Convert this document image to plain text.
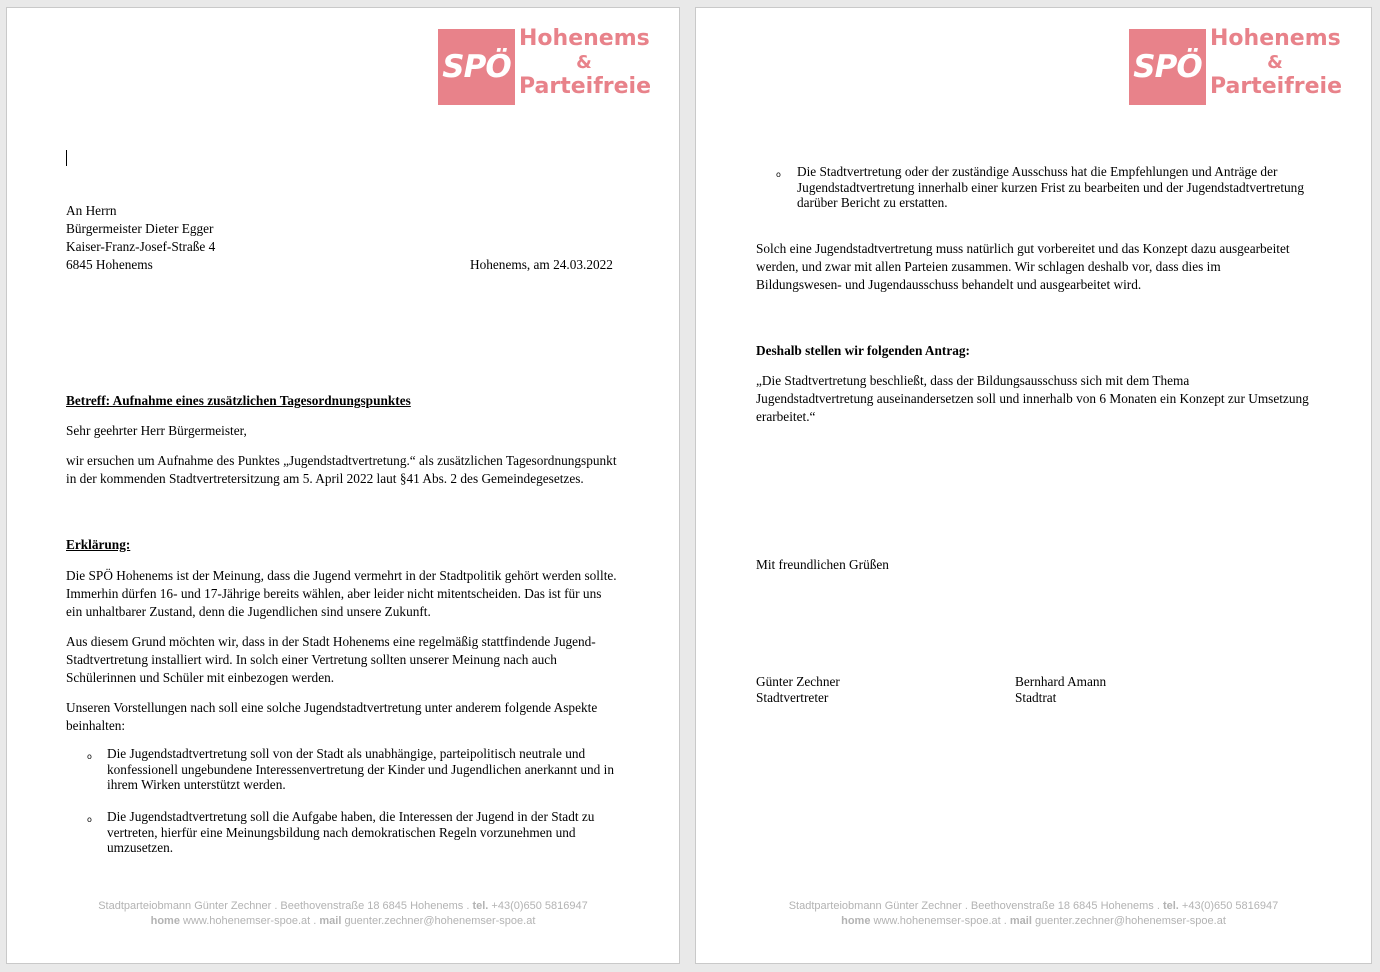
SPÖ
Hohenems
&
Parteifreie

An Herrn

Bürgermeister Dieter Egger

Kaiser-Franz-Josef-Straße 4

6845 Hohenems	Hohenems, am 24.03.2022

Betreff: Aufnahme eines zusätzlichen Tagesordnungspunktes

Sehr geehrter Herr Bürgermeister,

wir ersuchen um Aufnahme des Punktes „Jugendstadtvertretung.“ als zusätzlichen Tagesordnungspunkt

in der kommenden Stadtvertretersitzung am 5. April 2022 laut §41 Abs. 2 des Gemeindegesetzes.

Erklärung:

Die SPÖ Hohenems ist der Meinung, dass die Jugend vermehrt in der Stadtpolitik gehört werden sollte.

Immerhin dürfen 16- und 17-Jährige bereits wählen, aber leider nicht mitentscheiden. Das ist für uns

ein unhaltbarer Zustand, denn die Jugendlichen sind unsere Zukunft.

Aus diesem Grund möchten wir, dass in der Stadt Hohenems eine regelmäßig stattfindende Jugend-

Stadtvertretung installiert wird. In solch einer Vertretung sollten unserer Meinung nach auch

Schülerinnen und Schüler mit einbezogen werden.

Unseren Vorstellungen nach soll eine solche Jugendstadtvertretung unter anderem folgende Aspekte

beinhalten:

o Die Jugendstadtvertretung soll von der Stadt als unabhängige, parteipolitisch neutrale und

konfessionell ungebundene Interessenvertretung der Kinder und Jugendlichen anerkannt und in

ihrem Wirken unterstützt werden.

o Die Jugendstadtvertretung soll die Aufgabe haben, die Interessen der Jugend in der Stadt zu

vertreten, hierfür eine Meinungsbildung nach demokratischen Regeln vorzunehmen und

umzusetzen.

Stadtparteiobmann Günter Zechner . Beethovenstraße 18 6845 Hohenems . tel. +43(0)650 5816947
home www.hohenemser-spoe.at . mail guenter.zechner@hohenemser-spoe.at
SPÖ
Hohenems
&
Parteifreie
o Die Stadtvertretung oder der zuständige Ausschuss hat die Empfehlungen und Anträge der

Jugendstadtvertretung innerhalb einer kurzen Frist zu bearbeiten und der Jugendstadtvertretung

darüber Bericht zu erstatten.

Solch eine Jugendstadtvertretung muss natürlich gut vorbereitet und das Konzept dazu ausgearbeitet

werden, und zwar mit allen Parteien zusammen. Wir schlagen deshalb vor, dass dies im

Bildungswesen- und Jugendausschuss behandelt und ausgearbeitet wird.

Deshalb stellen wir folgenden Antrag:

„Die Stadtvertretung beschließt, dass der Bildungsausschuss sich mit dem Thema

Jugendstadtvertretung auseinandersetzen soll und innerhalb von 6 Monaten ein Konzept zur Umsetzung

erarbeitet.“

Mit freundlichen Grüßen

Günter Zechner

Stadtvertreter

Bernhard Amann

Stadtrat

Stadtparteiobmann Günter Zechner . Beethovenstraße 18 6845 Hohenems . tel. +43(0)650 5816947
home www.hohenemser-spoe.at . mail guenter.zechner@hohenemser-spoe.at
